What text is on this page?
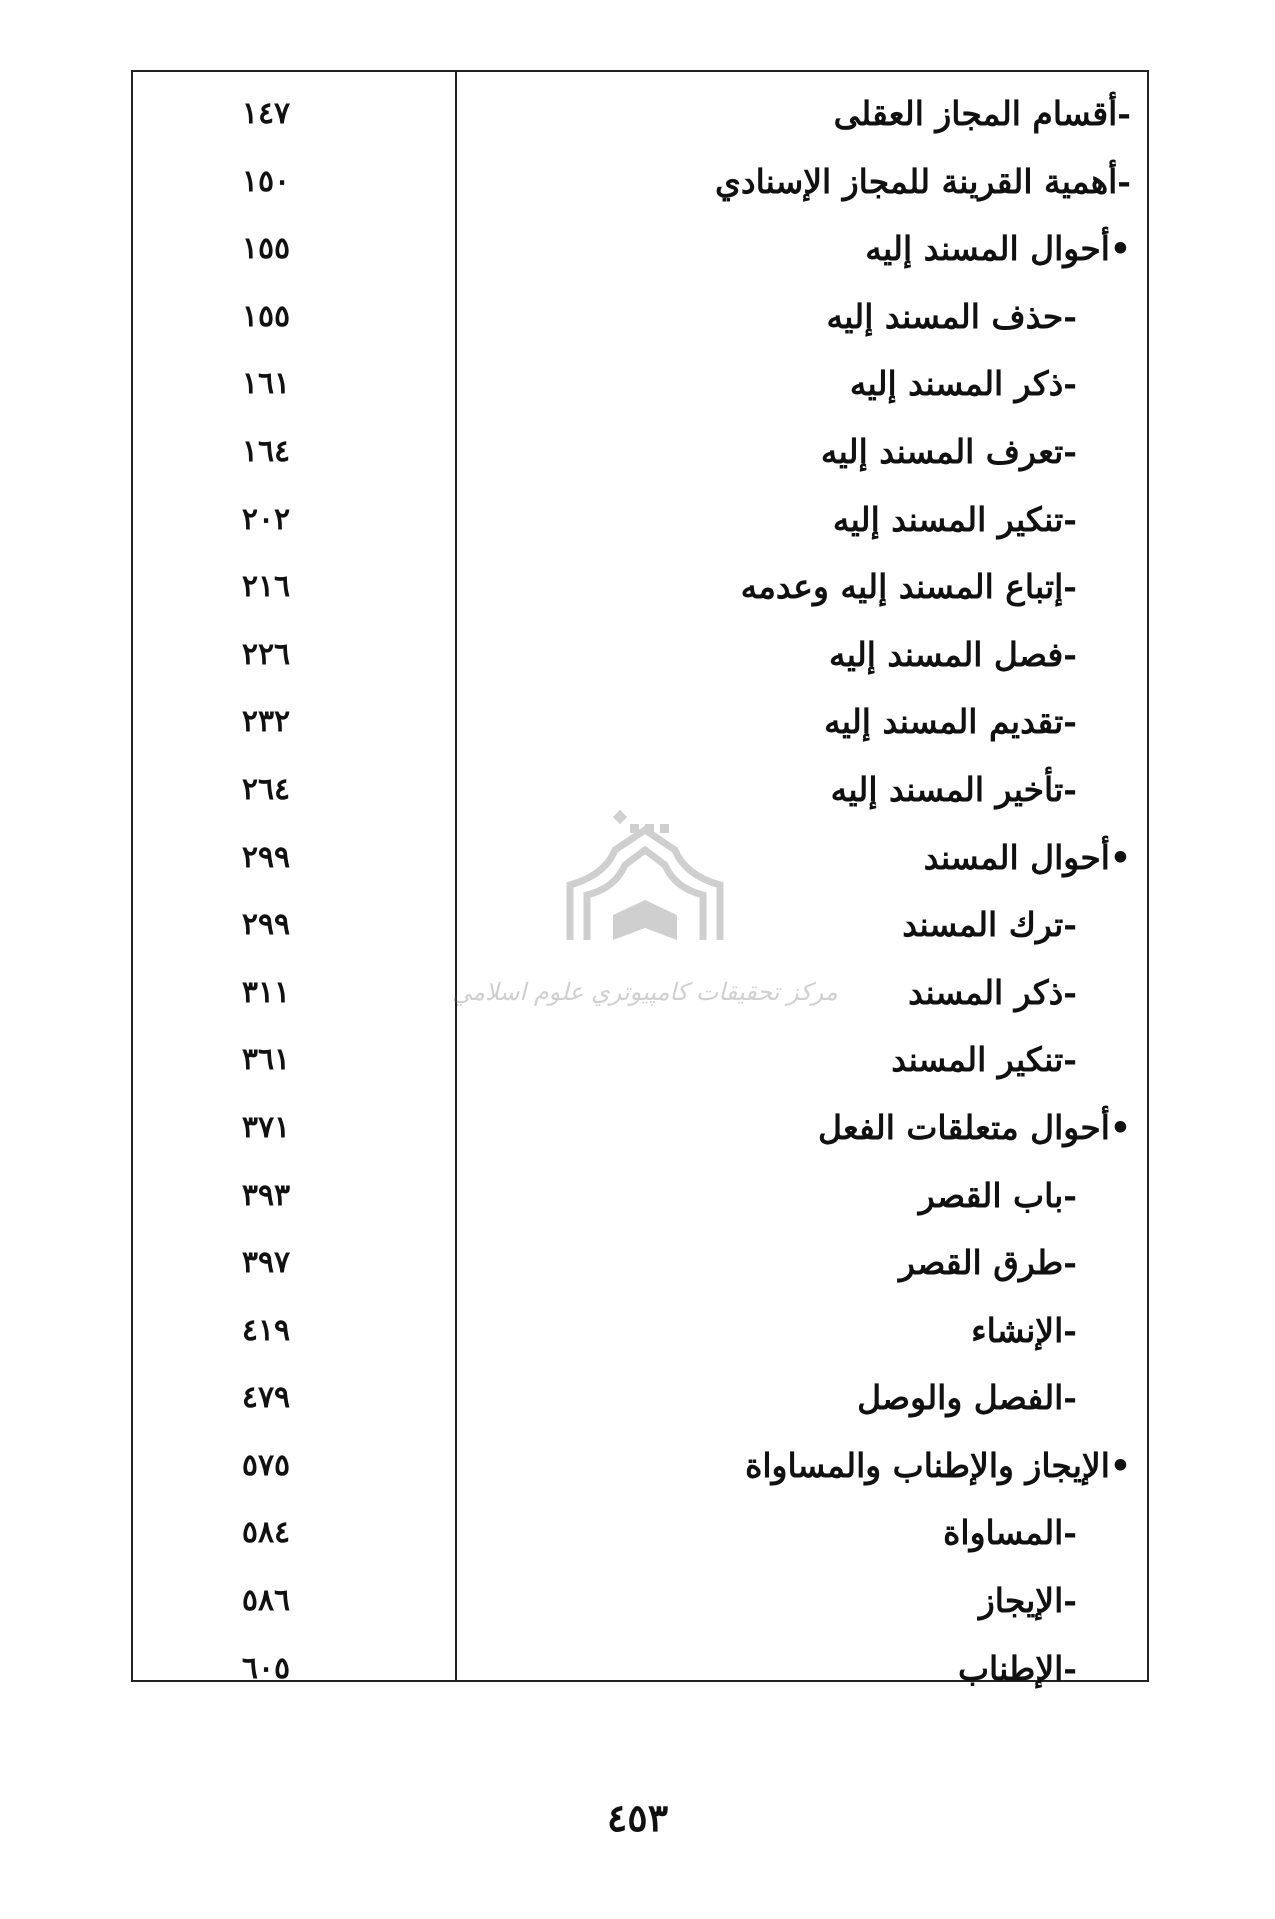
-أقسام المجاز العقلى
١٤٧
-أهمية القرينة للمجاز الإسنادي
١٥٠
•أحوال المسند إليه
١٥٥
-حذف المسند إليه
١٥٥
-ذكر المسند إليه
١٦١
-تعرف المسند إليه
١٦٤
-تنكير المسند إليه
٢٠٢
-إتباع المسند إليه وعدمه
٢١٦
-فصل المسند إليه
٢٢٦
-تقديم المسند إليه
٢٣٢
-تأخير المسند إليه
٢٦٤
•أحوال المسند
٢٩٩
-ترك المسند
٢٩٩
-ذكر المسند
٣١١
-تنكير المسند
٣٦١
•أحوال متعلقات الفعل
٣٧١
-باب القصر
٣٩٣
-طرق القصر
٣٩٧
-الإنشاء
٤١٩
-الفصل والوصل
٤٧٩
•الإيجاز والإطناب والمساواة
٥٧٥
-المساواة
٥٨٤
-الإيجاز
٥٨٦
-الإطناب
٦٠٥
مركز تحقيقات كامپيوتري علوم اسلامي
٤٥٣
